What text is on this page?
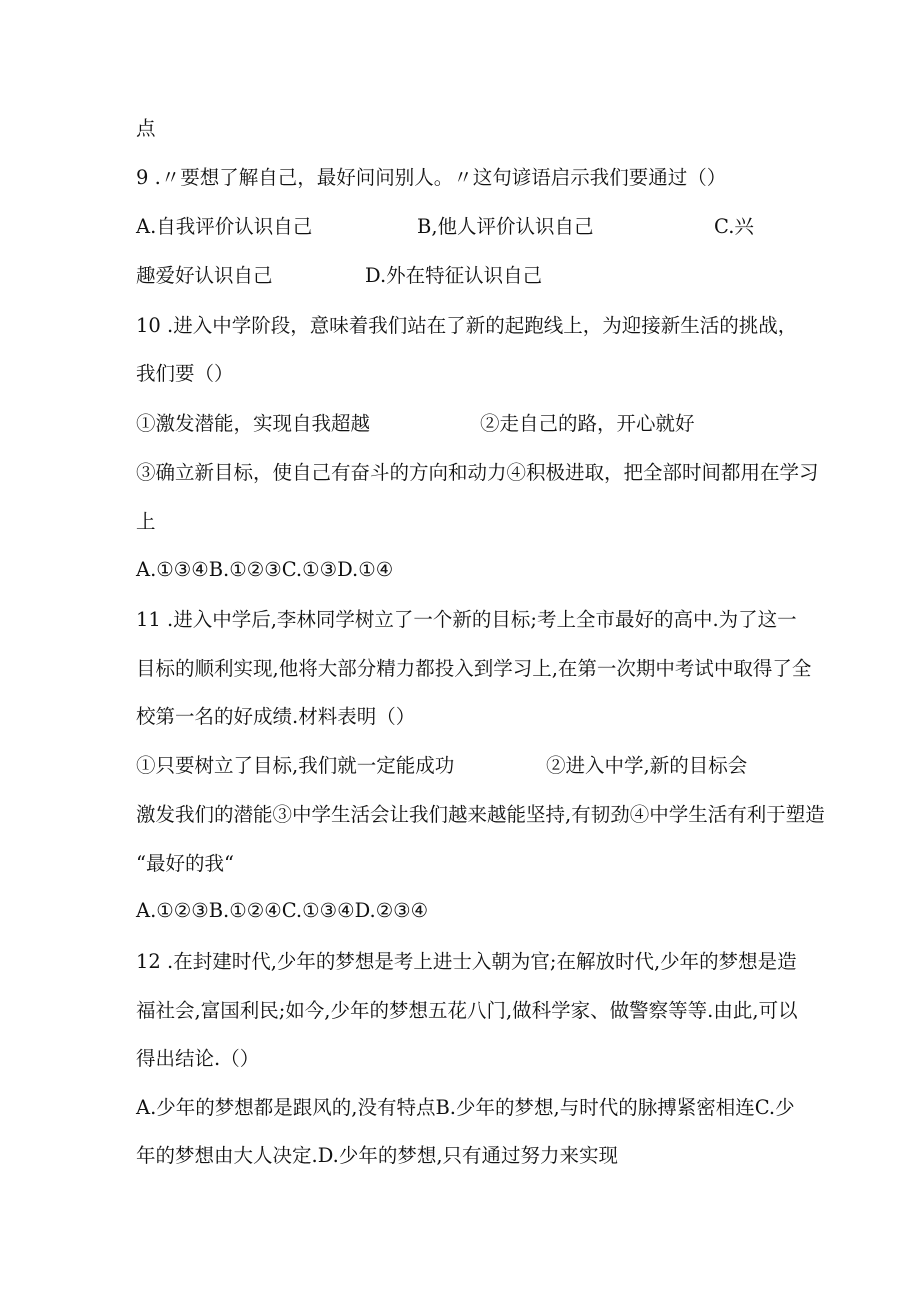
点
9 .〃要想了解自己，最好问问别人。〃这句谚语启示我们要通过（）
A.自我评价认识自己	B,他人评价认识自己	C.兴
趣爱好认识自己	D.外在特征认识自己
10 .进入中学阶段，意味着我们站在了新的起跑线上，为迎接新生活的挑战，
我们要（）
①激发潜能，实现自我超越	②走自己的路，开心就好
③确立新目标，使自己有奋斗的方向和动力④积极进取，把全部时间都用在学习
上
A.①③④B.①②③C.①③D.①④
11 .进入中学后,李林同学树立了一个新的目标;考上全市最好的高中.为了这一
目标的顺利实现,他将大部分精力都投入到学习上,在第一次期中考试中取得了全
校第一名的好成绩.材料表明（）
①只要树立了目标,我们就一定能成功	②进入中学,新的目标会
激发我们的潜能③中学生活会让我们越来越能坚持,有韧劲④中学生活有利于塑造
“最好的我“
A.①②③B.①②④C.①③④D.②③④
12 .在封建时代,少年的梦想是考上进士入朝为官;在解放时代,少年的梦想是造
福社会,富国利民;如今,少年的梦想五花八门,做科学家、做警察等等.由此,可以
得出结论.（）
A.少年的梦想都是跟风的,没有特点B.少年的梦想,与时代的脉搏紧密相连C.少
年的梦想由大人决定.D.少年的梦想,只有通过努力来实现
